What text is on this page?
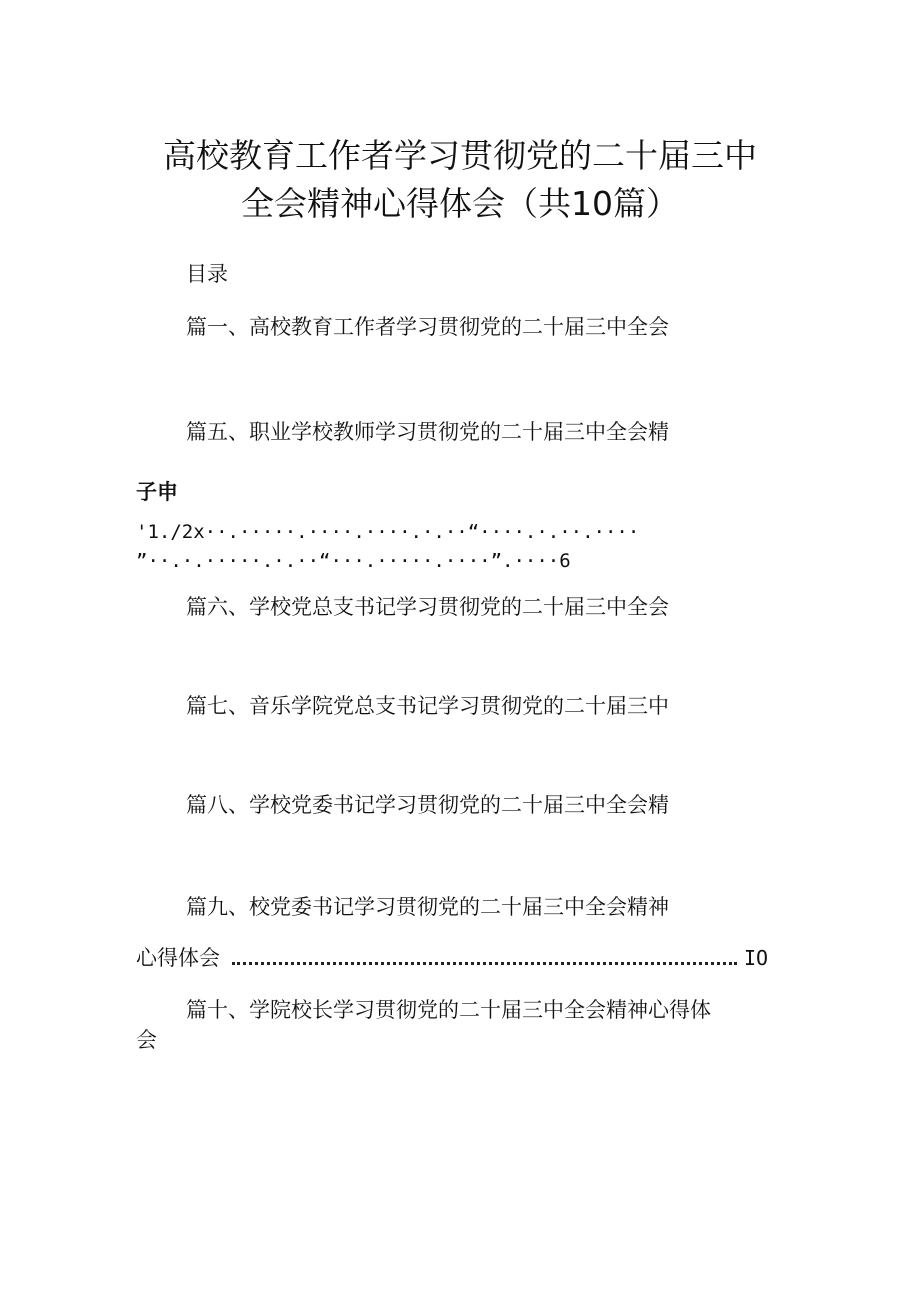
高校教育工作者学习贯彻党的二十届三中
全会精神心得体会（共10篇）
目录
篇一、高校教育工作者学习贯彻党的二十届三中全会
篇五、职业学校教师学习贯彻党的二十届三中全会精
子申
'1./2x··.·····.····.····.·.··“····.·.··.····
”··.·.·····.·.··“···.·····.····”.····6
篇六、学校党总支书记学习贯彻党的二十届三中全会
篇七、音乐学院党总支书记学习贯彻党的二十届三中
篇八、学校党委书记学习贯彻党的二十届三中全会精
篇九、校党委书记学习贯彻党的二十届三中全会精神
心得体会	IO
篇十、学院校长学习贯彻党的二十届三中全会精神心得体
会
